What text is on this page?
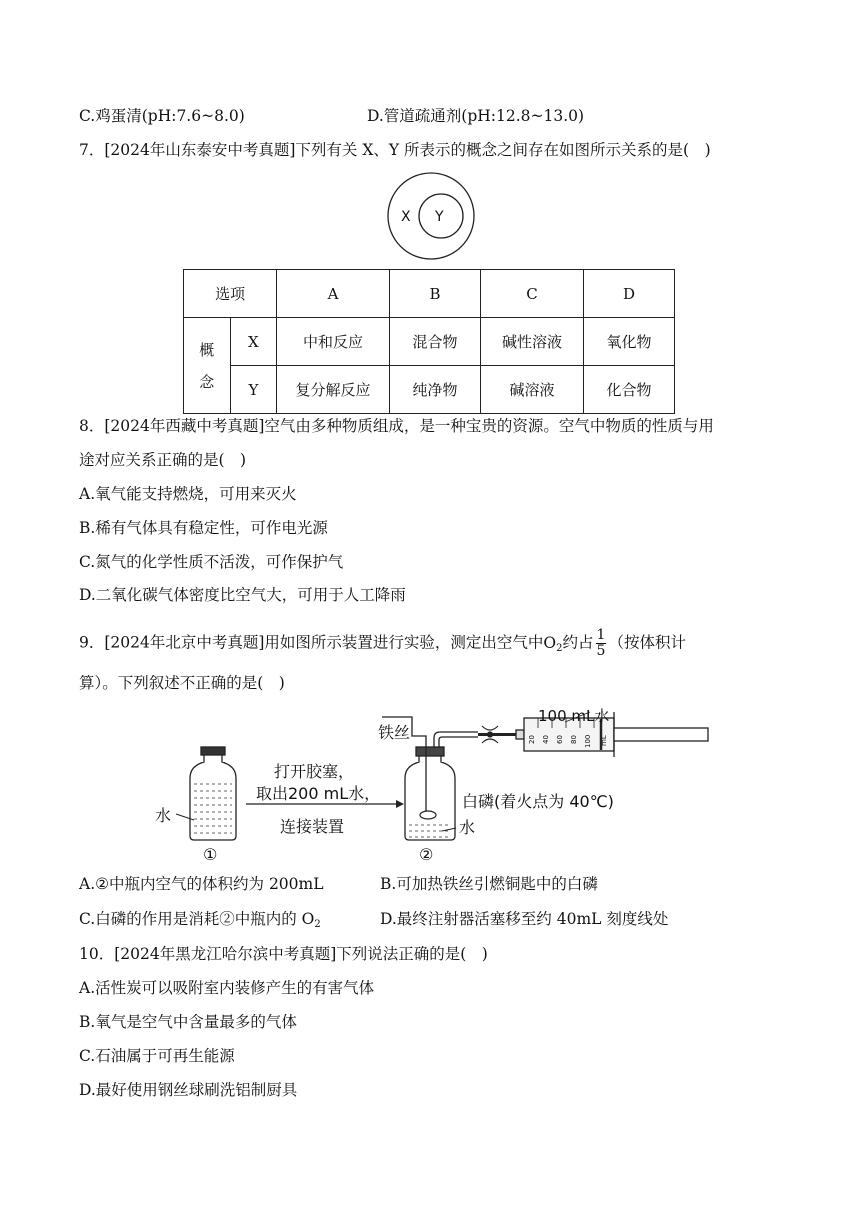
C.鸡蛋清(pH:7.6~8.0)	D.管道疏通剂(pH:12.8~13.0)
7．[2024年山东泰安中考真题]下列有关 X、Y 所表示的概念之间存在如图所示关系的是(　)
X Y
选项		A	B	C	D

概
念	X	中和反应	混合物	碱性溶液	氧化物
	Y	复分解反应	纯净物	碱溶液	化合物
8．[2024年西藏中考真题]空气由多种物质组成，是一种宝贵的资源。空气中物质的性质与用
途对应关系正确的是(　)
A.氧气能支持燃烧，可用来灭火
B.稀有气体具有稳定性，可作电光源
C.氮气的化学性质不活泼，可作保护气
D.二氧化碳气体密度比空气大，可用于人工降雨
9．[2024年北京中考真题]用如图所示装置进行实验，测定出空气中$O_2$约占 $\frac{1}{5}$ （按体积计
算）。下列叙述不正确的是(　)
水
①
打开胶塞，
取出200 mL水，
连接装置
铁丝	20 40 60 80 100 mL
100 mL水
白磷(着火点为 40℃)
水
②
A.②中瓶内空气的体积约为 200mL	B.可加热铁丝引燃铜匙中的白磷
C.白磷的作用是消耗②中瓶内的 $O_2$	D.最终注射器活塞移至约 40mL 刻度线处
10．[2024年黑龙江哈尔滨中考真题]下列说法正确的是(　)
A.活性炭可以吸附室内装修产生的有害气体
B.氧气是空气中含量最多的气体
C.石油属于可再生能源
D.最好使用钢丝球刷洗铝制厨具
